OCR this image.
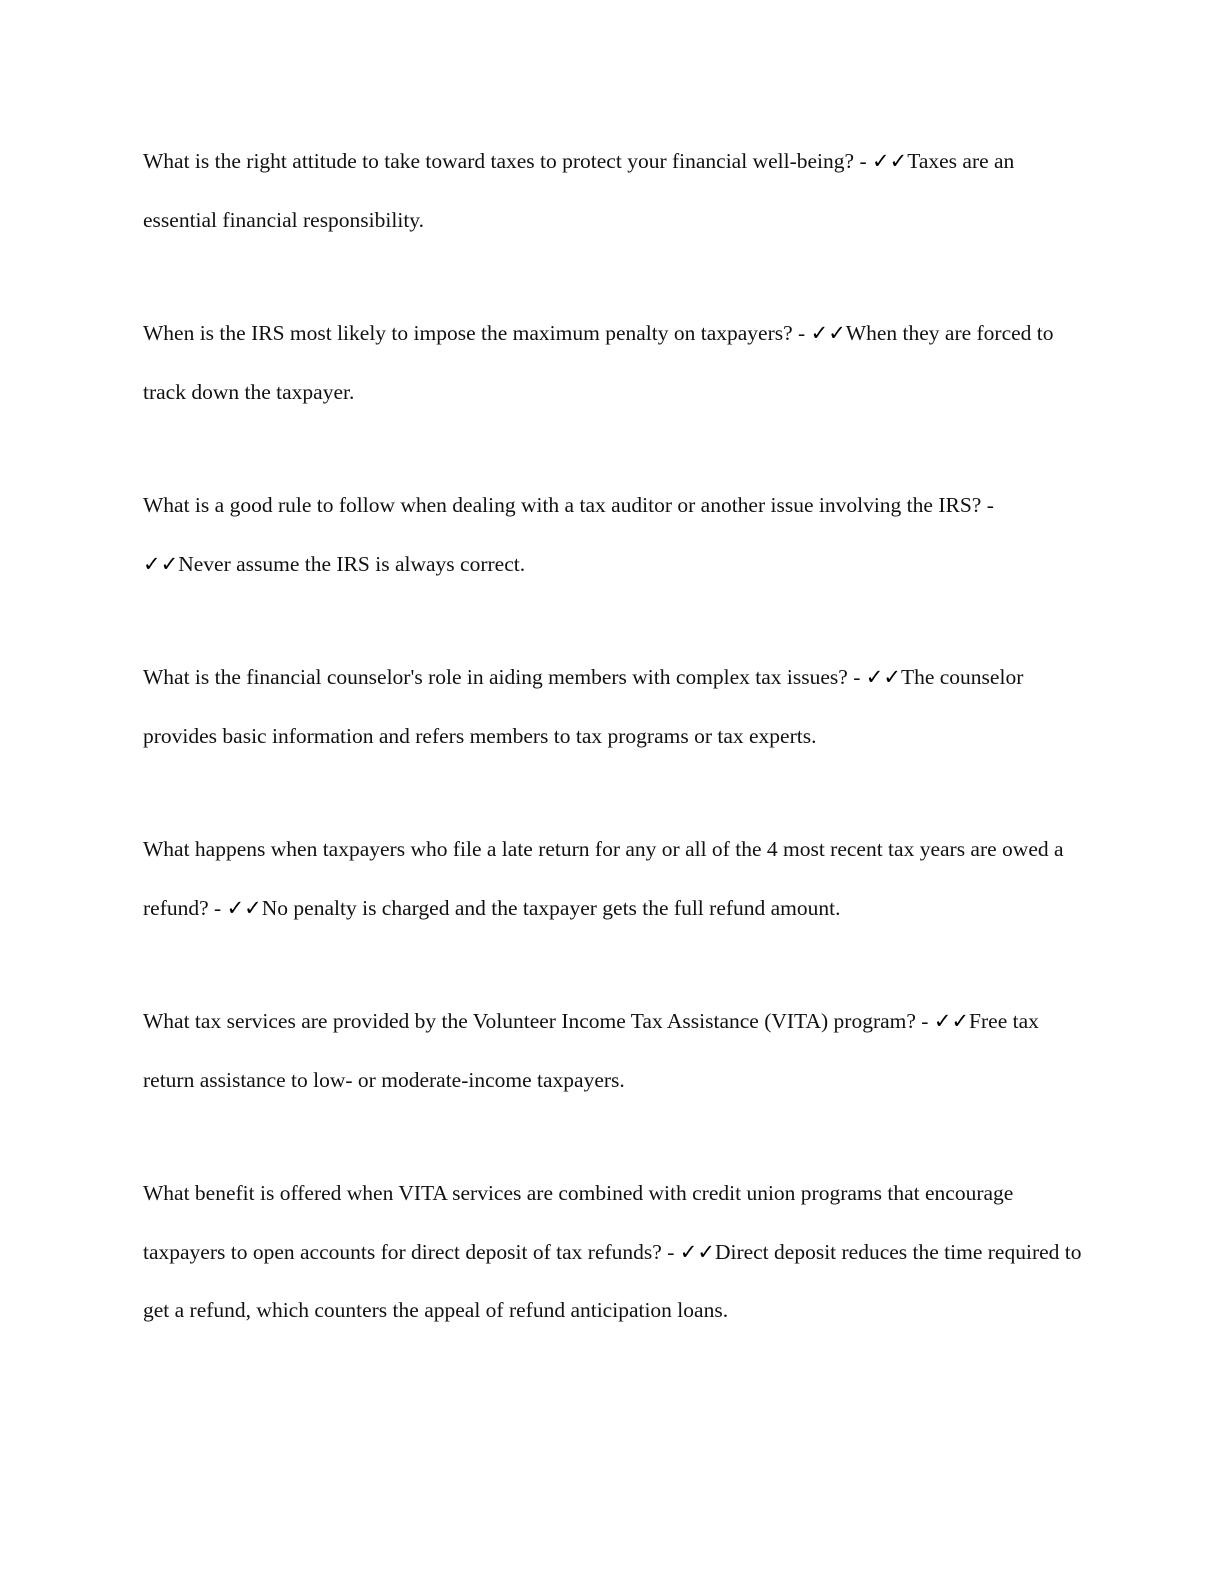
What is the right attitude to take toward taxes to protect your financial well-being? - ✓✓Taxes are an essential financial responsibility.

When is the IRS most likely to impose the maximum penalty on taxpayers? - ✓✓When they are forced to track down the taxpayer.

What is a good rule to follow when dealing with a tax auditor or another issue involving the IRS? - ✓✓Never assume the IRS is always correct.

What is the financial counselor's role in aiding members with complex tax issues? - ✓✓The counselor provides basic information and refers members to tax programs or tax experts.

What happens when taxpayers who file a late return for any or all of the 4 most recent tax years are owed a refund? - ✓✓No penalty is charged and the taxpayer gets the full refund amount.

What tax services are provided by the Volunteer Income Tax Assistance (VITA) program? - ✓✓Free tax return assistance to low- or moderate-income taxpayers.

What benefit is offered when VITA services are combined with credit union programs that encourage taxpayers to open accounts for direct deposit of tax refunds? - ✓✓Direct deposit reduces the time required to get a refund, which counters the appeal of refund anticipation loans.
